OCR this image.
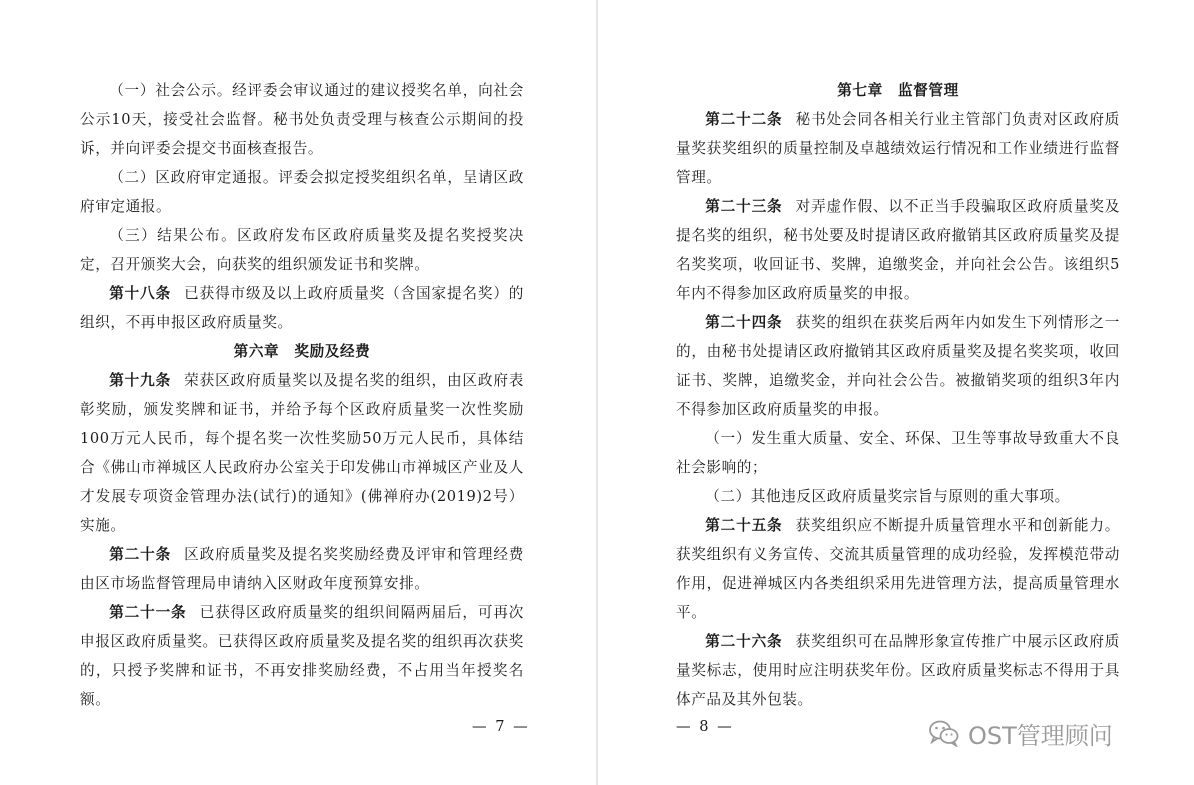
（一）社会公示。经评委会审议通过的建议授奖名单，向社会公示10天，接受社会监督。秘书处负责受理与核查公示期间的投诉，并向评委会提交书面核查报告。

（二）区政府审定通报。评委会拟定授奖组织名单，呈请区政府审定通报。

（三）结果公布。区政府发布区政府质量奖及提名奖授奖决定，召开颁奖大会，向获奖的组织颁发证书和奖牌。

第十八条 已获得市级及以上政府质量奖（含国家提名奖）的组织，不再申报区政府质量奖。

第六章　奖励及经费

第十九条 荣获区政府质量奖以及提名奖的组织，由区政府表彰奖励，颁发奖牌和证书，并给予每个区政府质量奖一次性奖励100万元人民币，每个提名奖一次性奖励50万元人民币，具体结合《佛山市禅城区人民政府办公室关于印发佛山市禅城区产业及人才发展专项资金管理办法(试行)的通知》(佛禅府办(2019)2号）实施。

第二十条 区政府质量奖及提名奖奖励经费及评审和管理经费由区市场监督管理局申请纳入区财政年度预算安排。

第二十一条 已获得区政府质量奖的组织间隔两届后，可再次申报区政府质量奖。已获得区政府质量奖及提名奖的组织再次获奖的，只授予奖牌和证书，不再安排奖励经费，不占用当年授奖名额。

— 7 —

第七章　监督管理

第二十二条 秘书处会同各相关行业主管部门负责对区政府质量奖获奖组织的质量控制及卓越绩效运行情况和工作业绩进行监督管理。

第二十三条 对弄虚作假、以不正当手段骗取区政府质量奖及提名奖的组织，秘书处要及时提请区政府撤销其区政府质量奖及提名奖奖项，收回证书、奖牌，追缴奖金，并向社会公告。该组织5年内不得参加区政府质量奖的申报。

第二十四条 获奖的组织在获奖后两年内如发生下列情形之一的，由秘书处提请区政府撤销其区政府质量奖及提名奖奖项，收回证书、奖牌，追缴奖金，并向社会公告。被撤销奖项的组织3年内不得参加区政府质量奖的申报。

（一）发生重大质量、安全、环保、卫生等事故导致重大不良社会影响的；

（二）其他违反区政府质量奖宗旨与原则的重大事项。

第二十五条 获奖组织应不断提升质量管理水平和创新能力。获奖组织有义务宣传、交流其质量管理的成功经验，发挥模范带动作用，促进禅城区内各类组织采用先进管理方法，提高质量管理水平。

第二十六条 获奖组织可在品牌形象宣传推广中展示区政府质量奖标志，使用时应注明获奖年份。区政府质量奖标志不得用于具体产品及其外包装。

— 8 —	OST管理顾问
